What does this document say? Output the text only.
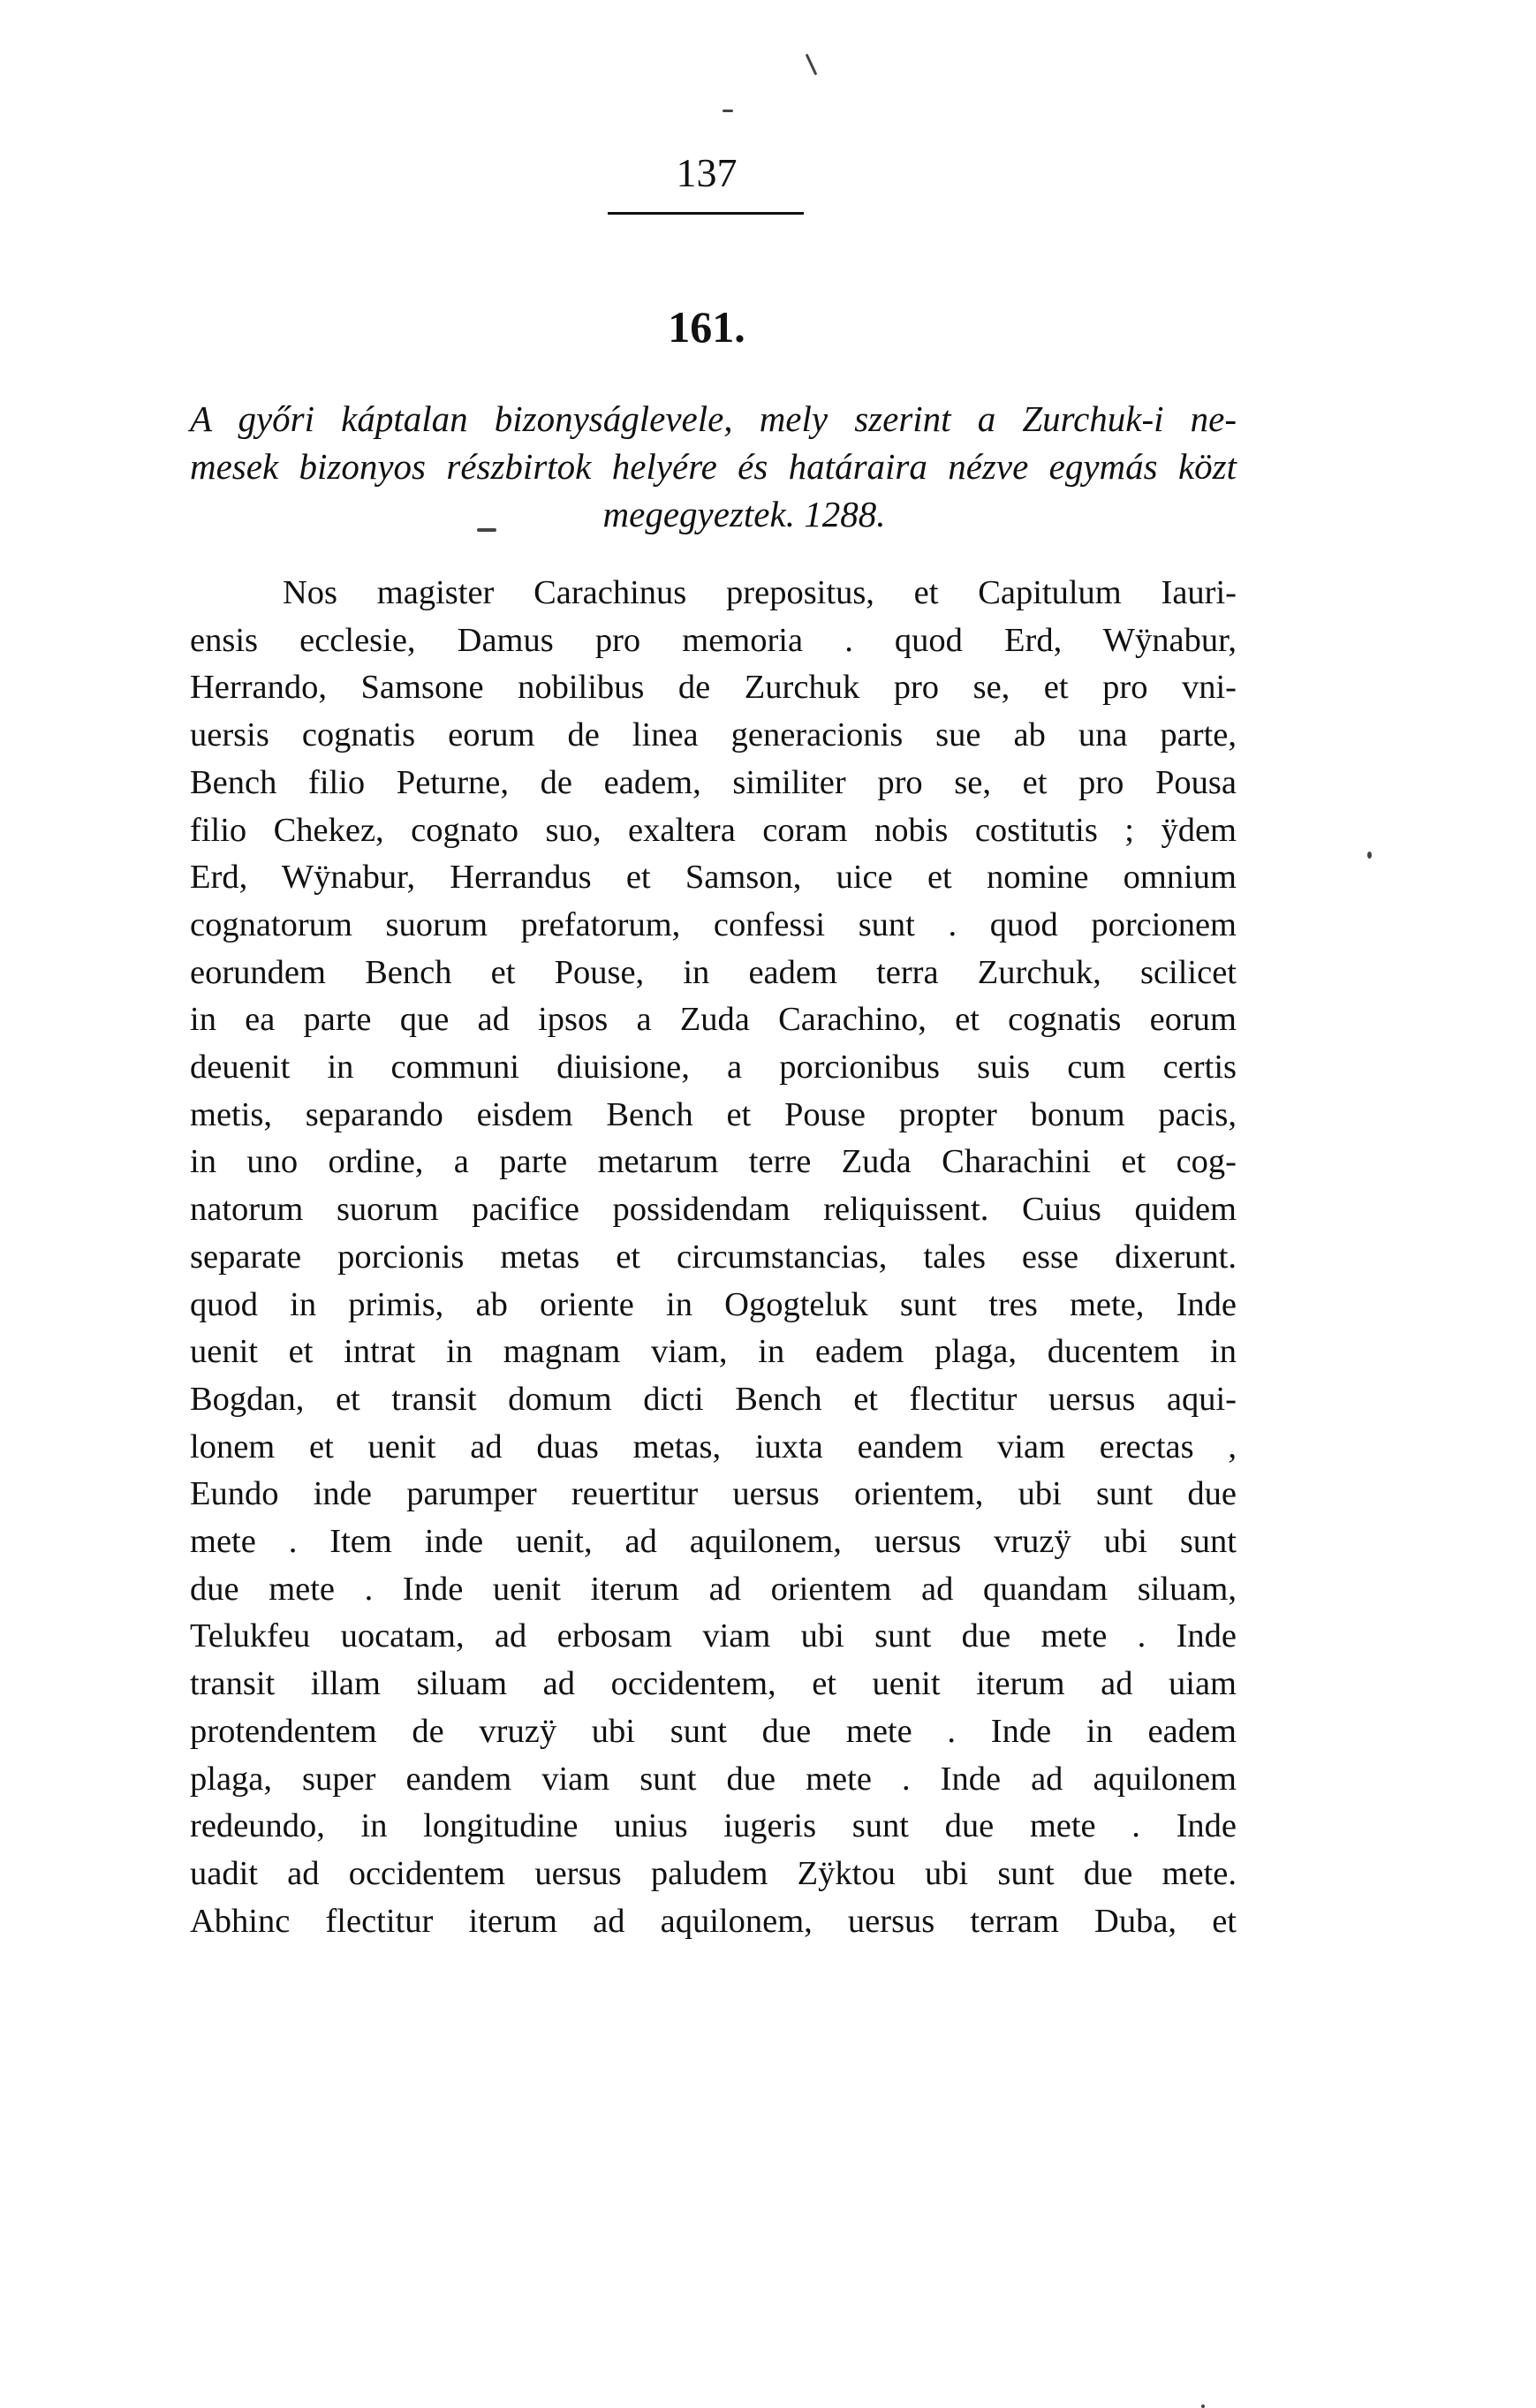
137
161.

A győri káptalan bizonyságlevele, mely szerint a Zurchuk-i ne-
mesek bizonyos részbirtok helyére és határaira nézve egymás közt
megegyeztek. 1288.

Nos magister Carachinus prepositus, et Capitulum Iauri-
ensis ecclesie, Damus pro memoria . quod Erd, Wÿnabur,
Herrando, Samsone nobilibus de Zurchuk pro se, et pro vni-
uersis cognatis eorum de linea generacionis sue ab una parte,
Bench filio Peturne, de eadem, similiter pro se, et pro Pousa
filio Chekez, cognato suo, exaltera coram nobis costitutis ; ÿdem
Erd, Wÿnabur, Herrandus et Samson, uice et nomine omnium
cognatorum suorum prefatorum, confessi sunt . quod porcionem
eorundem Bench et Pouse, in eadem terra Zurchuk, scilicet
in ea parte que ad ipsos a Zuda Carachino, et cognatis eorum
deuenit in communi diuisione, a porcionibus suis cum certis
metis, separando eisdem Bench et Pouse propter bonum pacis,
in uno ordine, a parte metarum terre Zuda Charachini et cog-
natorum suorum pacifice possidendam reliquissent. Cuius quidem
separate porcionis metas et circumstancias, tales esse dixerunt.
quod in primis, ab oriente in Ogogteluk sunt tres mete, Inde
uenit et intrat in magnam viam, in eadem plaga, ducentem in
Bogdan, et transit domum dicti Bench et flectitur uersus aqui-
lonem et uenit ad duas metas, iuxta eandem viam erectas ,
Eundo inde parumper reuertitur uersus orientem, ubi sunt due
mete . Item inde uenit, ad aquilonem, uersus vruzÿ ubi sunt
due mete . Inde uenit iterum ad orientem ad quandam siluam,
Telukfeu uocatam, ad erbosam viam ubi sunt due mete . Inde
transit illam siluam ad occidentem, et uenit iterum ad uiam
protendentem de vruzÿ ubi sunt due mete . Inde in eadem
plaga, super eandem viam sunt due mete . Inde ad aquilonem
redeundo, in longitudine unius iugeris sunt due mete . Inde
uadit ad occidentem uersus paludem Zÿktou ubi sunt due mete.
Abhinc flectitur iterum ad aquilonem, uersus terram Duba, et
